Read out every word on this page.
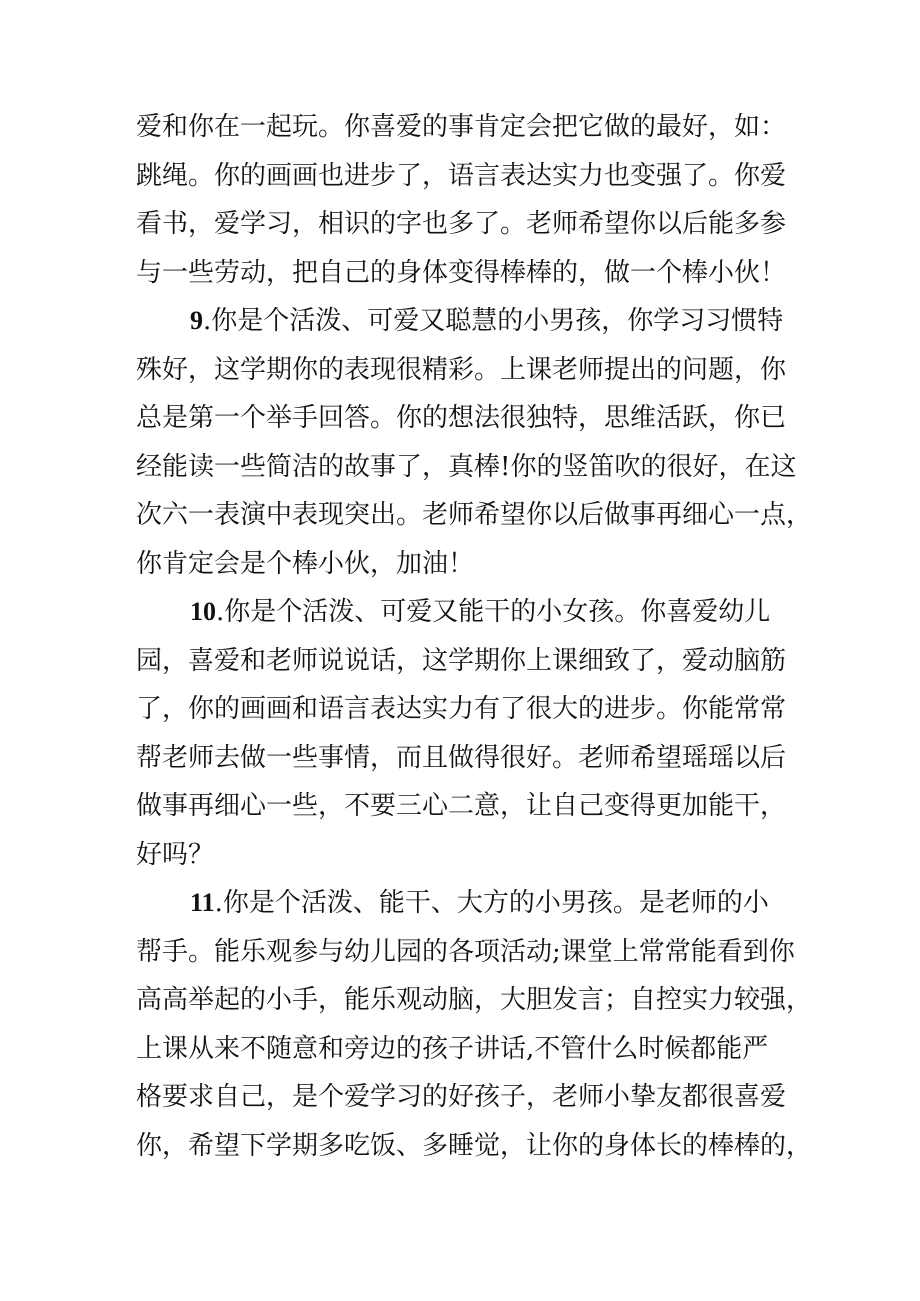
爱和你在一起玩。你喜爱的事肯定会把它做的最好，如：
跳绳。你的画画也进步了，语言表达实力也变强了。你爱
看书，爱学习，相识的字也多了。老师希望你以后能多参
与一些劳动，把自己的身体变得棒棒的，做一个棒小伙！
9.你是个活泼、可爱又聪慧的小男孩，你学习习惯特
殊好，这学期你的表现很精彩。上课老师提出的问题，你
总是第一个举手回答。你的想法很独特，思维活跃，你已
经能读一些简洁的故事了，真棒!你的竖笛吹的很好，在这
次六一表演中表现突出。老师希望你以后做事再细心一点，
你肯定会是个棒小伙，加油！
10.你是个活泼、可爱又能干的小女孩。你喜爱幼儿
园，喜爱和老师说说话，这学期你上课细致了，爱动脑筋
了，你的画画和语言表达实力有了很大的进步。你能常常
帮老师去做一些事情，而且做得很好。老师希望瑶瑶以后
做事再细心一些，不要三心二意，让自己变得更加能干，
好吗？
11.你是个活泼、能干、大方的小男孩。是老师的小
帮手。能乐观参与幼儿园的各项活动;课堂上常常能看到你
高高举起的小手，能乐观动脑，大胆发言；自控实力较强，
上课从来不随意和旁边的孩子讲话,不管什么时候都能严
格要求自己，是个爱学习的好孩子，老师小挚友都很喜爱
你，希望下学期多吃饭、多睡觉，让你的身体长的棒棒的，
